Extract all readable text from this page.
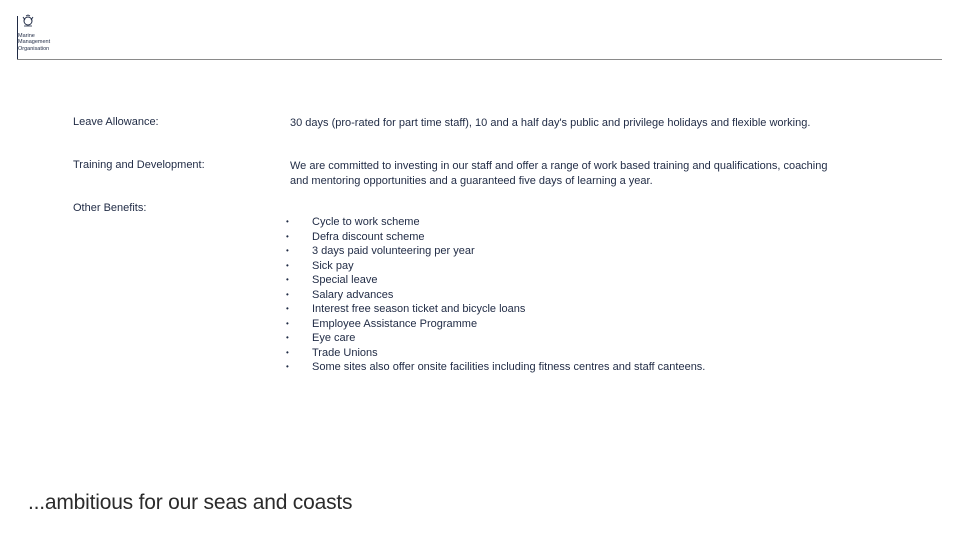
Marine
Management
Organisation
Leave Allowance:	30 days (pro-rated for part time staff), 10 and a half day's public and privilege holidays and flexible working.
Training and Development:	We are committed to investing in our staff and offer a range of work based training and qualifications, coaching and mentoring opportunities and a guaranteed five days of learning a year.
Other Benefits:
•	Cycle to work scheme
•	Defra discount scheme
•	3 days paid volunteering per year
•	Sick pay
•	Special leave
•	Salary advances
•	Interest free season ticket and bicycle loans
•	Employee Assistance Programme
•	Eye care
•	Trade Unions
•	Some sites also offer onsite facilities including fitness centres and staff canteens.
...ambitious for our seas and coasts
